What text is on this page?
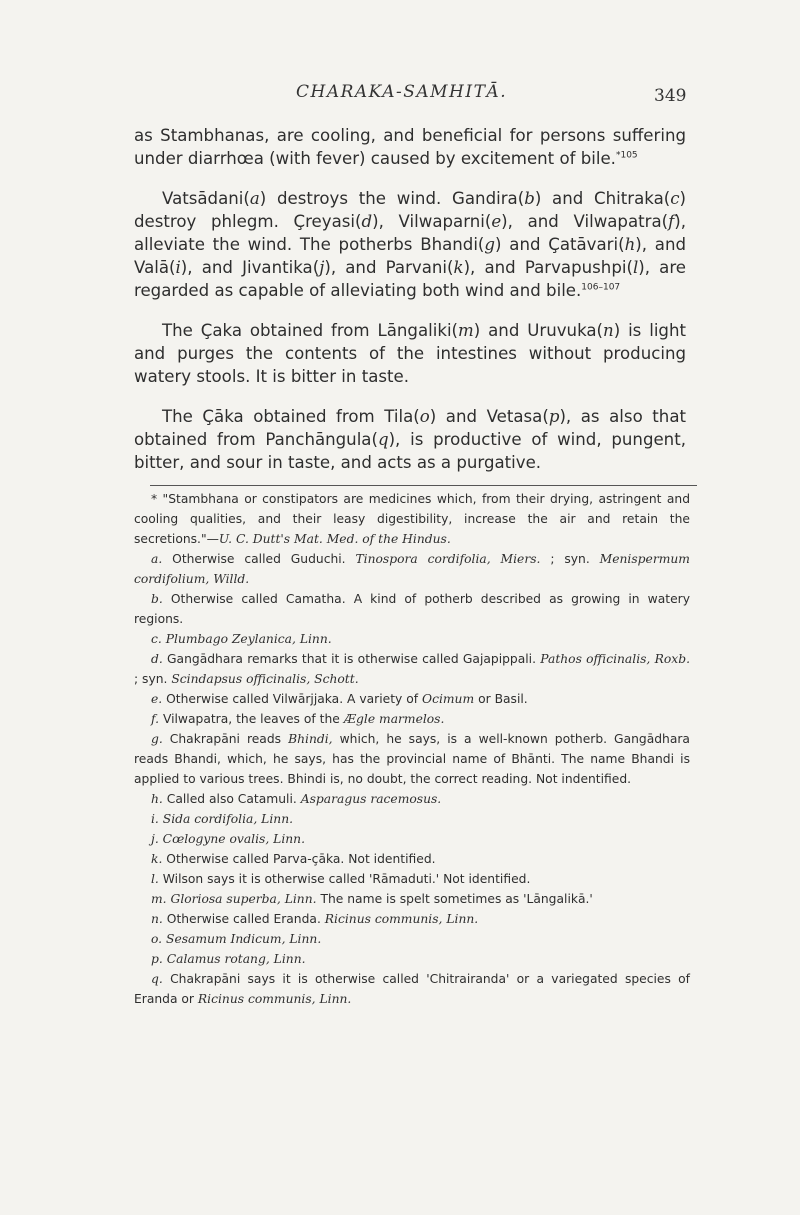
CHARAKA-SAMHITĀ.	349

as Stambhanas, are cooling, and beneficial for persons suffering under diarrhœa (with fever) caused by excitement of bile.$^{*105}$

Vatsādani(a) destroys the wind. Gandira(b) and Chitraka(c) destroy phlegm. Çreyasi(d), Vilwaparni(e), and Vilwapatra(f), alleviate the wind. The potherbs Bhandi(g) and Çatāvari(h), and Valā(i), and Jivantika(j), and Parvani(k), and Parvapushpi(l), are regarded as capable of alleviating both wind and bile.$^{106-107}$

The Çaka obtained from Lāngaliki(m) and Uruvuka(n) is light and purges the contents of the intestines without producing watery stools. It is bitter in taste.

The Çāka obtained from Tila(o) and Vetasa(p), as also that obtained from Panchāngula(q), is productive of wind, pungent, bitter, and sour in taste, and acts as a purgative.

* "Stambhana or constipators are medicines which, from their drying, astringent and cooling qualities, and their leasy digestibility, increase the air and retain the secretions."—U. C. Dutt's Mat. Med. of the Hindus.

a. Otherwise called Guduchi. Tinospora cordifolia, Miers. ; syn. Menispermum cordifolium, Willd.

b. Otherwise called Camatha. A kind of potherb described as growing in watery regions.

c. Plumbago Zeylanica, Linn.

d. Gangādhara remarks that it is otherwise called Gajapippali. Pathos officinalis, Roxb. ; syn. Scindapsus officinalis, Schott.

e. Otherwise called Vilwārjjaka. A variety of Ocimum or Basil.

f. Vilwapatra, the leaves of the Ægle marmelos.

g. Chakrapāni reads Bhindi, which, he says, is a well-known potherb. Gangādhara reads Bhandi, which, he says, has the provincial name of Bhānti. The name Bhandi is applied to various trees. Bhindi is, no doubt, the correct reading. Not indentified.

h. Called also Catamuli. Asparagus racemosus.

i. Sida cordifolia, Linn.

j. Cœlogyne ovalis, Linn.

k. Otherwise called Parva-çāka. Not identified.

l. Wilson says it is otherwise called 'Rāmaduti.' Not identified.

m. Gloriosa superba, Linn. The name is spelt sometimes as 'Lāngalikā.'

n. Otherwise called Eranda. Ricinus communis, Linn.

o. Sesamum Indicum, Linn.

p. Calamus rotang, Linn.

q. Chakrapāni says it is otherwise called 'Chitrairanda' or a variegated species of Eranda or Ricinus communis, Linn.
